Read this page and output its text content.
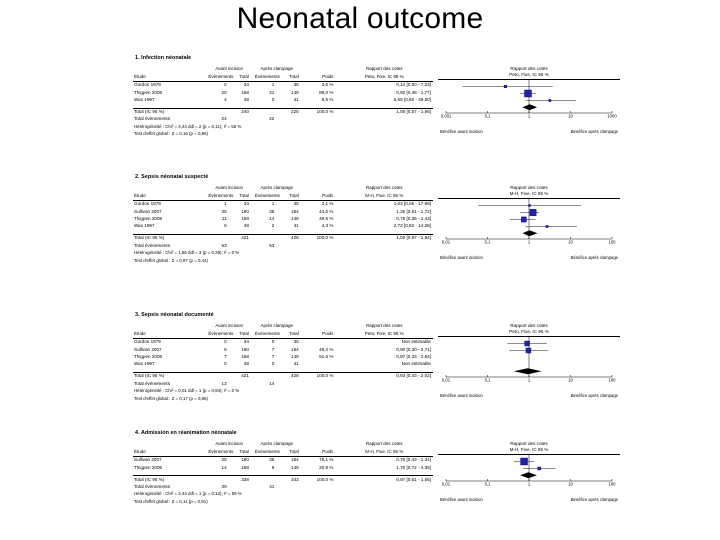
Neonatal outcome
1. Infection néonatale
	Avant incision		Après clampage			Rapport des cotes
Étude	Évènements	Total	Évènements	Total	Poids	Peto, Fixe, IC 95 %
Gordon 1979	0	34	1	35	3,5 %	0,14 [0,00 - 7,23]
Thigpen 2006	20	158	21	149	88,0 %	0,92 [0,48 - 1,77]
Wax 1997	4	48	0	41	8,5 %	5,69 [0,80 - 49,50]

Total (IC 95 %)		240		225	100,0 %	1,05 [0,57 - 1,95]
Total évènements	24		22			
Hétérogénéité : Chi² = 4,44 ddl = 2 (p = 0,11); I² = 55 %						
Test d'effet global : Z = 0,16 (p = 0,86)						
Rapport des cotes
Peto, Fixe, IC 95 %
0,001	0,1	1	10	1000
Bénéfice avant incision	Bénéfice après clampage
2. Sepsis néonatal suspecté
	Avant incision		Après clampage			Rapport des cotes
Étude	Évènements	Total	Évènements	Total	Poids	M-H, Fixe, IC 95 %
Gordon 1979	1	34	1	35	2,1 %	1,03 [0,06 - 17,99]
Sullivan 2007	35	180	35	184	44,0 %	1,25 [0,61 - 1,72]
Thigpen 2006	11	158	14	149	49,5 %	0,75 [0,35 - 1,43]
Wax 1997	6	48	2	41	4,3 %	2,72 [0,82 - 14,28]

Total (IC 95 %)		421		428	100,0 %	1,02 [0,97 - 1,94]
Total évènements	53		53			
Hétérogénéité : Chi² = 1,86 ddl = 3 (p = 0,39); I² = 0 %						
Test d'effet global : Z = 0,87 (p = 0,44)						
Rapport des cotes
M-H, Fixe, IC 95 %
0,01	0,1	1	10	100
Bénéfice avant incision	Bénéfice après clampage
3. Sepsis néonatal documenté
	Avant incision		Après clampage			Rapport des cotes
Étude	Évènements	Total	Évènements	Total	Poids	Peto, Fixe, IC 95 %
Gordon 1979	0	34	0	35		Non estimable
Sullivan 2007	6	180	7	184	48,4 %	0,90 [0,30 - 2,71]
Thigpen 2006	7	158	7	149	51,6 %	0,97 [0,33 - 2,84]
Wax 1997	0	48	0	41		Non estimable

Total (IC 95 %)		421		428	100,0 %	0,93 [0,43 - 2,02]
Total évènements	13		14			
Hétérogénéité : Chi² = 0,01 ddl = 1 (p = 0,94); I² = 0 %						
Test d'effet global : Z = 0,17 (p = 0,86)						
Rapport des cotes
Peto, Fixe, IC 95 %
0,01	0,1	1	10	100
Bénéfice avant incision	Bénéfice après clampage
4. Admission en réanimation néonatale
	Avant incision		Après clampage			Rapport des cotes
Étude	Évènements	Total	Évènements	Total	Poids	M-H, Fixe, IC 95 %
Sullivan 2007	25	180	35	184	79,1 %	0,76 [0,43 - 1,34]
Thigpen 2006	14	158	9	149	20,9 %	1,76 [0,72 - 4,35]

Total (IC 95 %)		338		343	100,0 %	0,97 [0,61 - 1,55]
Total évènements	39		41			
Hétérogénéité : Chi² = 2,44 ddl = 1 (p = 0,12); I² = 59 %						
Test d'effet global : Z = 0,11 (p = 0,91)						
Rapport des cotes
M-H, Fixe, IC 95 %
0,01	0,1	1	10	100
Bénéfice avant incision	Bénéfice après clampage
